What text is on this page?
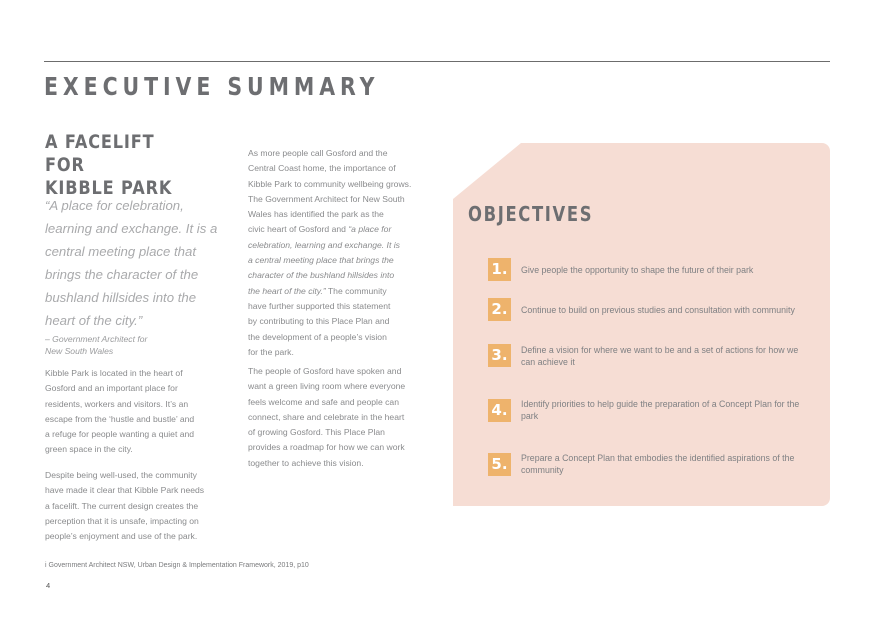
EXECUTIVE SUMMARY
A FACELIFT FOR
KIBBLE PARK

“A place for celebration, learning and exchange. It is a central meeting place that brings the character of the bushland hillsides into the heart of the city.”

– Government Architect for
New South Wales

Kibble Park is located in the heart of
Gosford and an important place for
residents, workers and visitors. It’s an
escape from the ‘hustle and bustle’ and
a refuge for people wanting a quiet and
green space in the city.

Despite being well-used, the community
have made it clear that Kibble Park needs
a facelift. The current design creates the
perception that it is unsafe, impacting on
people’s enjoyment and use of the park.

As more people call Gosford and the
Central Coast home, the importance of
Kibble Park to community wellbeing grows.
The Government Architect for New South
Wales has identified the park as the
civic heart of Gosford and “a place for
celebration, learning and exchange. It is
a central meeting place that brings the
character of the bushland hillsides into
the heart of the city.” The community
have further supported this statement
by contributing to this Place Plan and
the development of a people’s vision
for the park.

The people of Gosford have spoken and
want a green living room where everyone
feels welcome and safe and people can
connect, share and celebrate in the heart
of growing Gosford. This Place Plan
provides a roadmap for how we can work
together to achieve this vision.

OBJECTIVES
1.	Give people the opportunity to shape the future of their park

2.	Continue to build on previous studies and consultation with community

3.	Define a vision for where we want to be and a set of actions for how we can achieve it

4.	Identify priorities to help guide the preparation of a Concept Plan for the park

5.	Prepare a Concept Plan that embodies the identified aspirations of the community

i Government Architect NSW, Urban Design & Implementation Framework, 2019, p10

4
